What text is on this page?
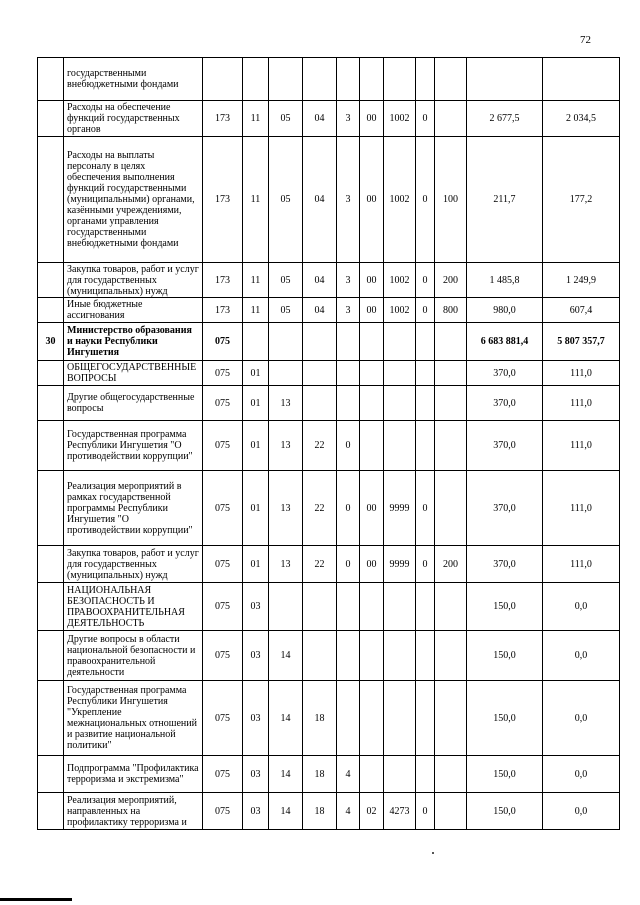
72
	государственными внебюджетными фондами											
	Расходы на обеспечение функций государственных органов	173	11	05	04	3	00	1002	0		2 677,5	2 034,5
	Расходы на выплаты персоналу в целях обеспечения выполнения функций государственными (муниципальными) органами, казёнными учреждениями, органами управления государственными внебюджетными фондами	173	11	05	04	3	00	1002	0	100	211,7	177,2
	Закупка товаров, работ и услуг для государственных (муниципальных) нужд	173	11	05	04	3	00	1002	0	200	1 485,8	1 249,9
	Иные бюджетные ассигнования	173	11	05	04	3	00	1002	0	800	980,0	607,4
30	Министерство образования и науки Республики Ингушетия	075									6 683 881,4	5 807 357,7
	ОБЩЕГОСУДАРСТВЕННЫЕ ВОПРОСЫ	075	01								370,0	111,0
	Другие общегосударственные вопросы	075	01	13							370,0	111,0
	Государственная программа Республики Ингушетия "О противодействии коррупции"	075	01	13	22	0					370,0	111,0
	Реализация мероприятий в рамках государственной программы Республики Ингушетия "О противодействии коррупции"	075	01	13	22	0	00	9999	0		370,0	111,0
	Закупка товаров, работ и услуг для государственных (муниципальных) нужд	075	01	13	22	0	00	9999	0	200	370,0	111,0
	НАЦИОНАЛЬНАЯ БЕЗОПАСНОСТЬ И ПРАВООХРАНИТЕЛЬНАЯ ДЕЯТЕЛЬНОСТЬ	075	03								150,0	0,0
	Другие вопросы в области национальной безопасности и правоохранительной деятельности	075	03	14							150,0	0,0
	Государственная программа Республики Ингушетия "Укрепление межнациональных отношений и развитие национальной политики"	075	03	14	18						150,0	0,0
	Подпрограмма "Профилактика терроризма и экстремизма"	075	03	14	18	4					150,0	0,0
	Реализация мероприятий, направленных на профилактику терроризма и	075	03	14	18	4	02	4273	0		150,0	0,0
